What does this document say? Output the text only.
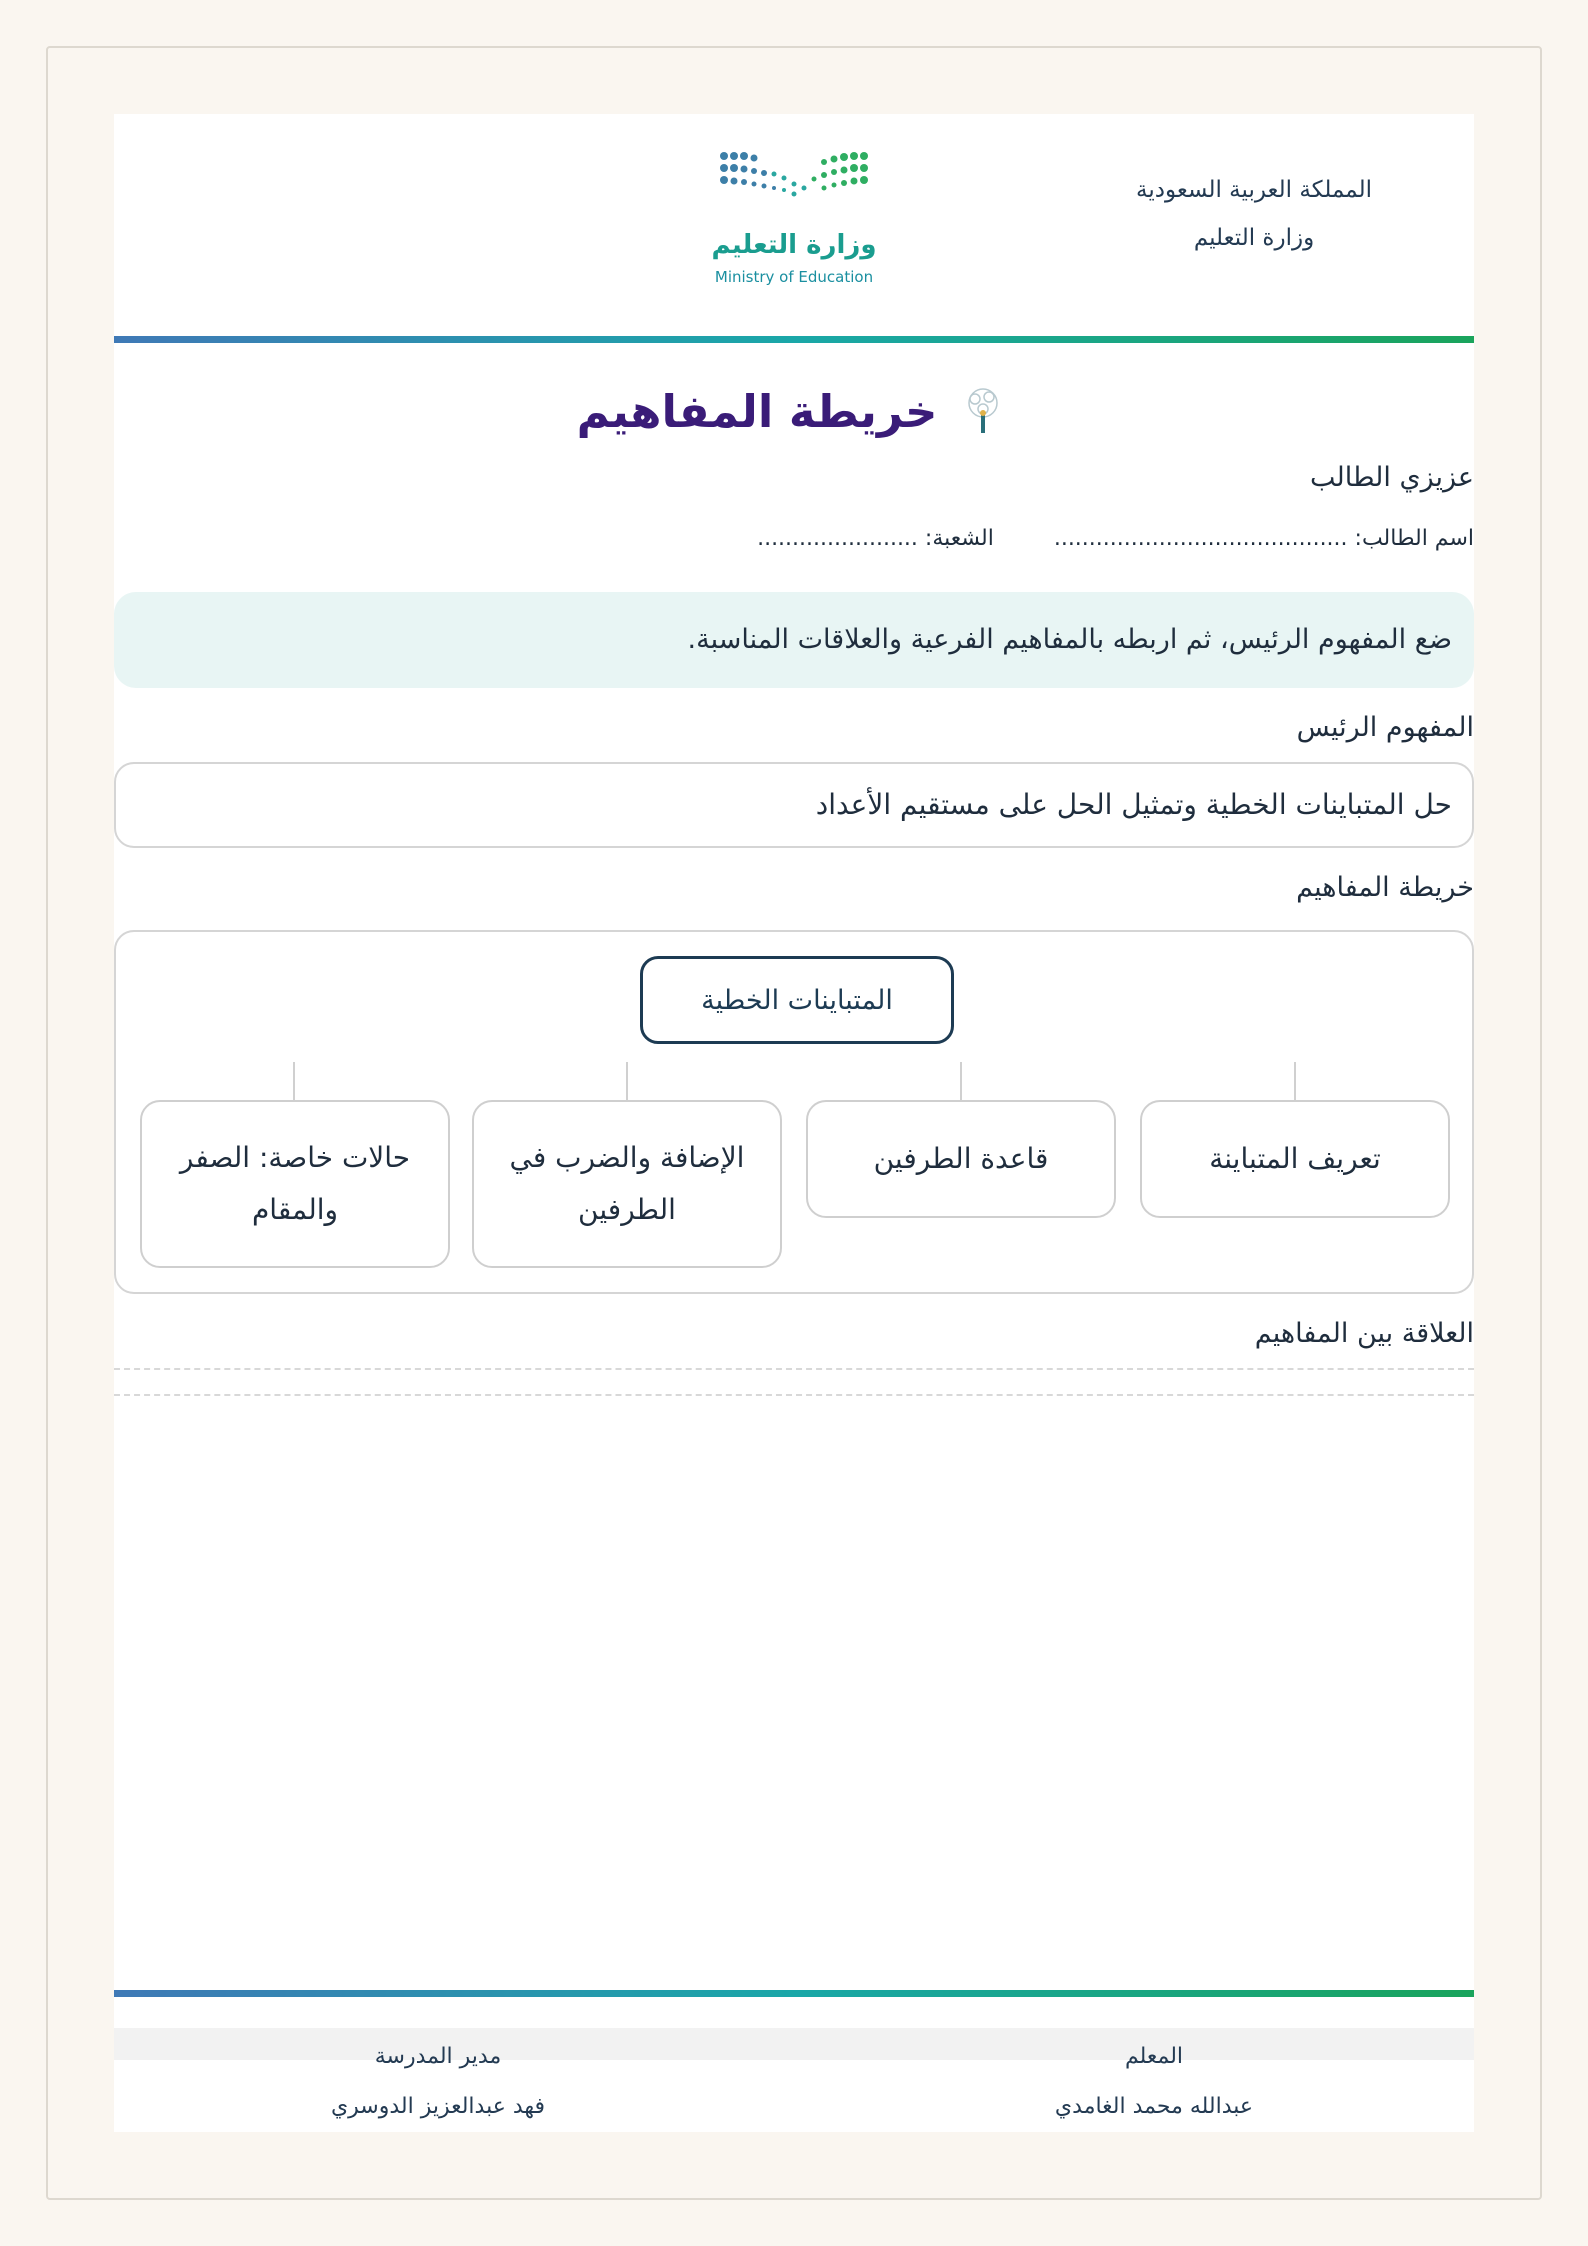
المملكة العربية السعودية
وزارة التعليم
وزارة التعليم
Ministry of Education
خريطة المفاهيم
عزيزي الطالب
اسم الطالب: ..........................................
الشعبة: .......................
ضع المفهوم الرئيس، ثم اربطه بالمفاهيم الفرعية والعلاقات المناسبة.
المفهوم الرئيس
حل المتباينات الخطية وتمثيل الحل على مستقيم الأعداد
خريطة المفاهيم
المتباينات الخطية
تعريف المتباينة
قاعدة الطرفين
الإضافة والضرب في الطرفين
حالات خاصة: الصفر والمقام
العلاقة بين المفاهيم
المعلم
عبدالله محمد الغامدي
مدير المدرسة
فهد عبدالعزيز الدوسري
